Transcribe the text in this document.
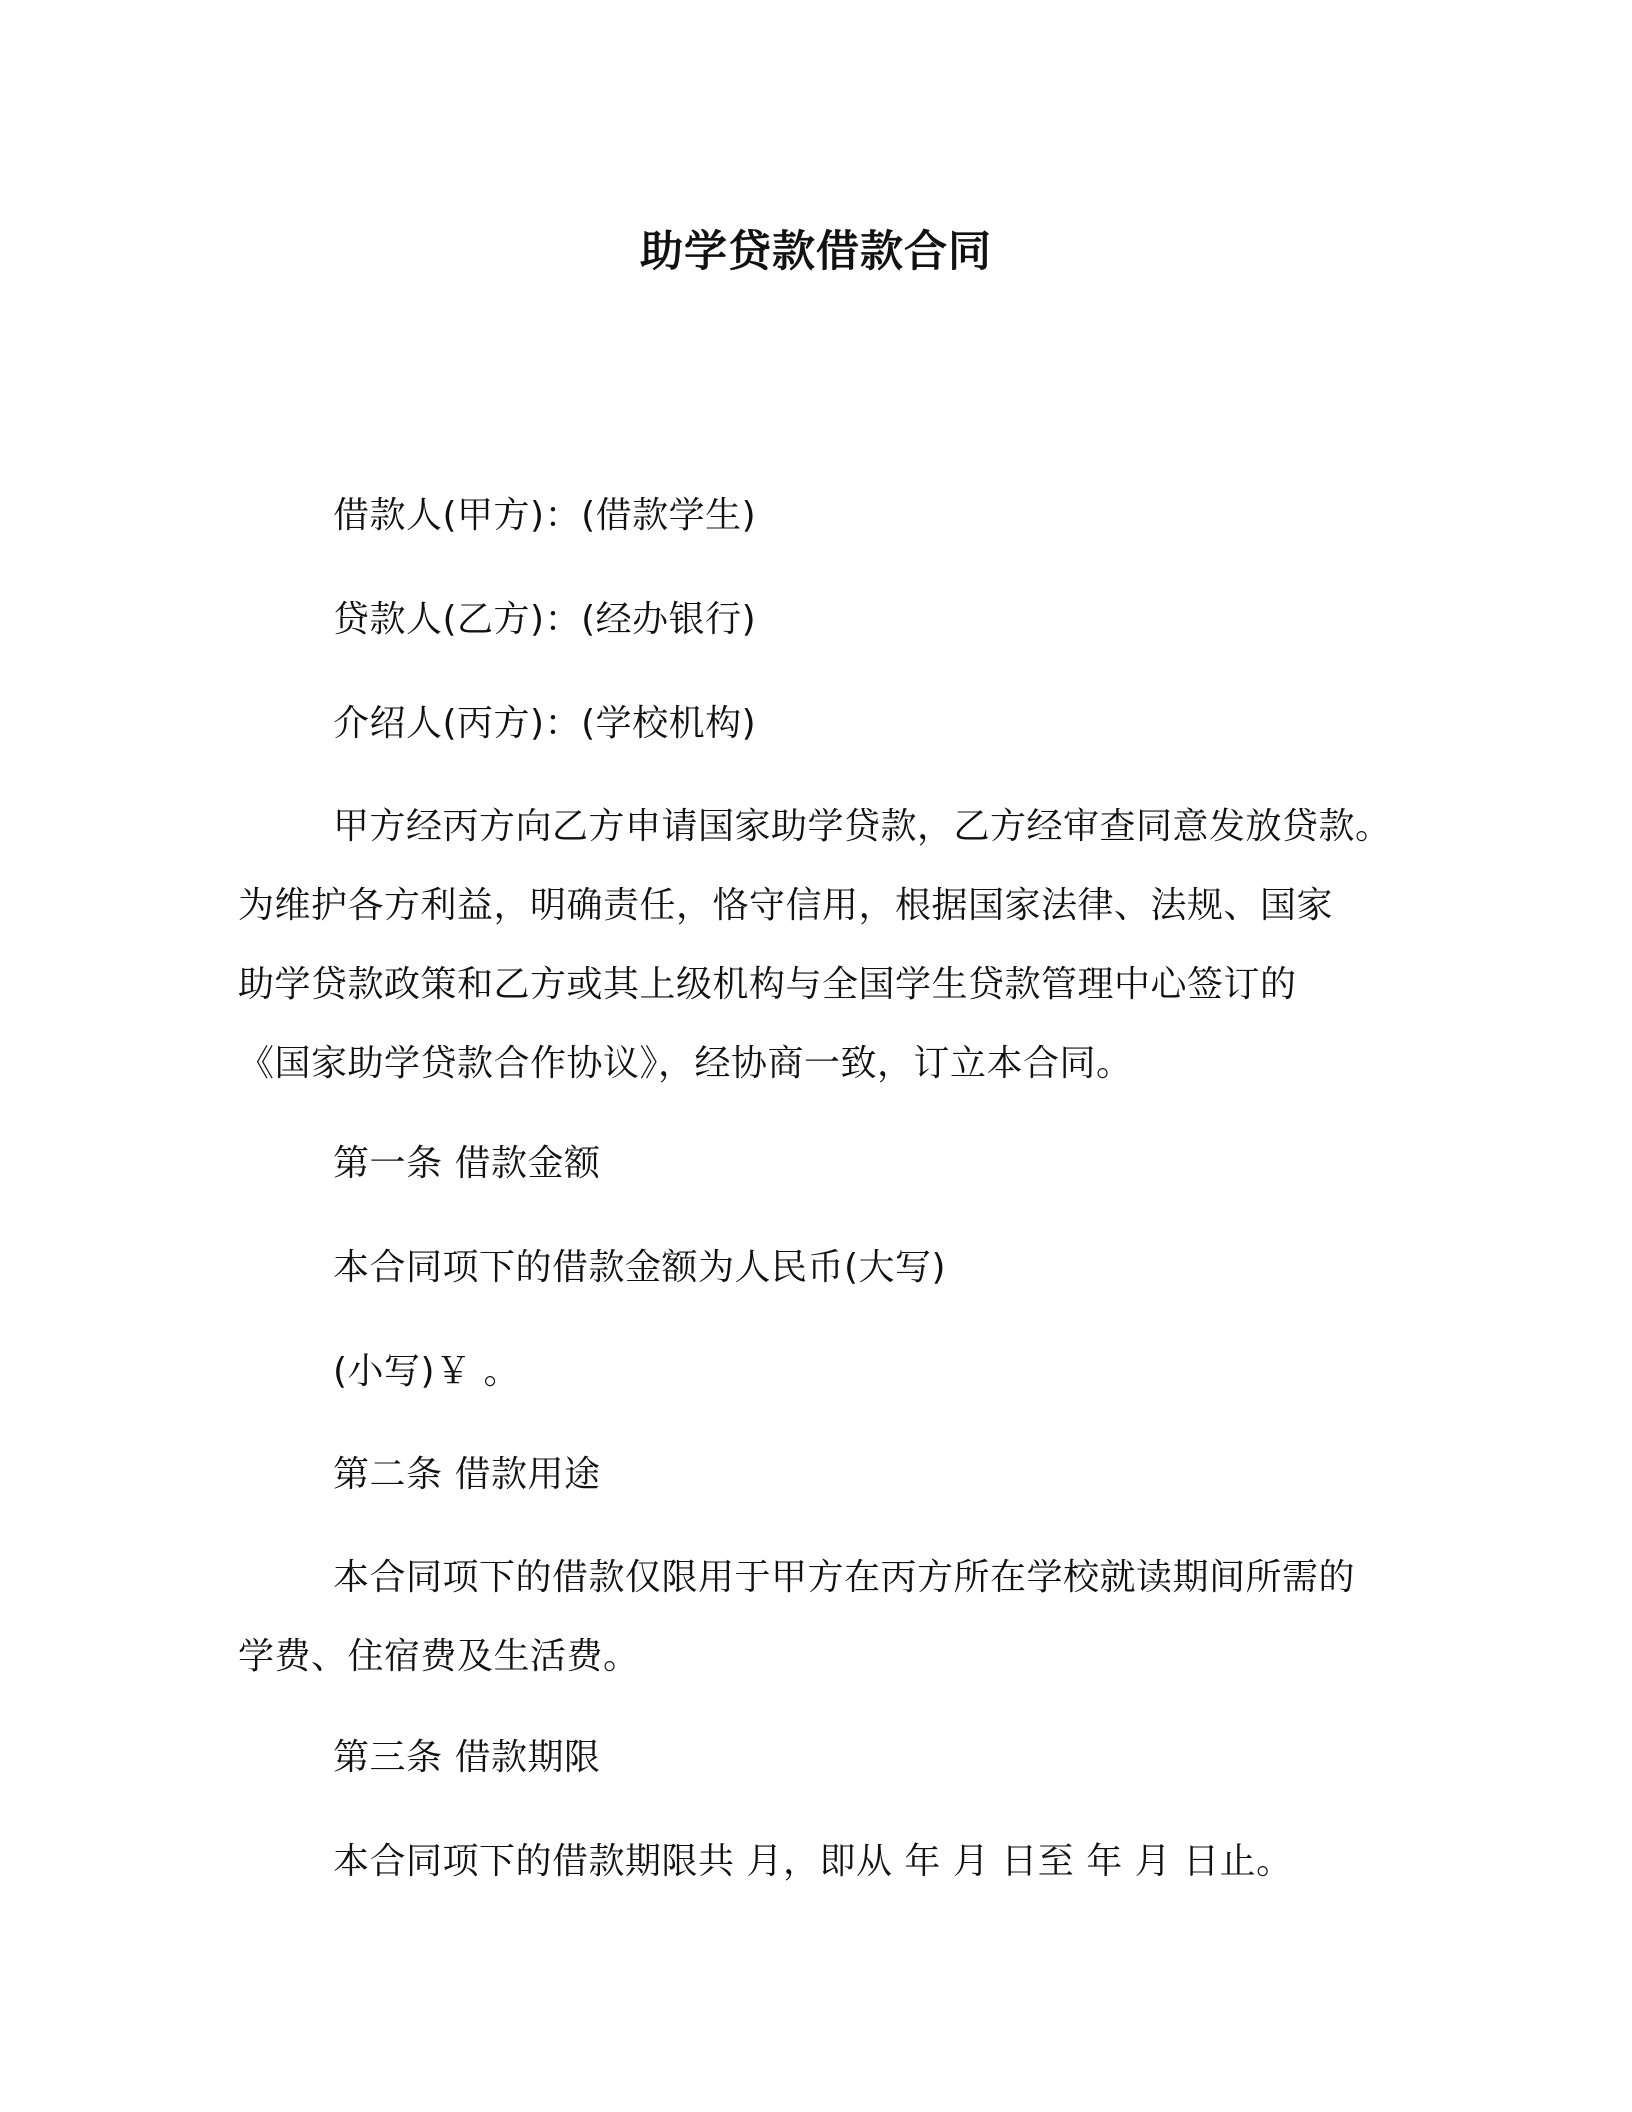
助学贷款借款合同
借款人(甲方)：(借款学生)
贷款人(乙方)：(经办银行)
介绍人(丙方)：(学校机构)
甲方经丙方向乙方申请国家助学贷款，乙方经审查同意发放贷款。
为维护各方利益，明确责任，恪守信用，根据国家法律、法规、国家
助学贷款政策和乙方或其上级机构与全国学生贷款管理中心签订的
《国家助学贷款合作协议》，经协商一致，订立本合同。
第一条 借款金额
本合同项下的借款金额为人民币(大写)
(小写)￥ 。
第二条 借款用途
本合同项下的借款仅限用于甲方在丙方所在学校就读期间所需的
学费、住宿费及生活费。
第三条 借款期限
本合同项下的借款期限共 月，即从 年 月 日至 年 月 日止。
